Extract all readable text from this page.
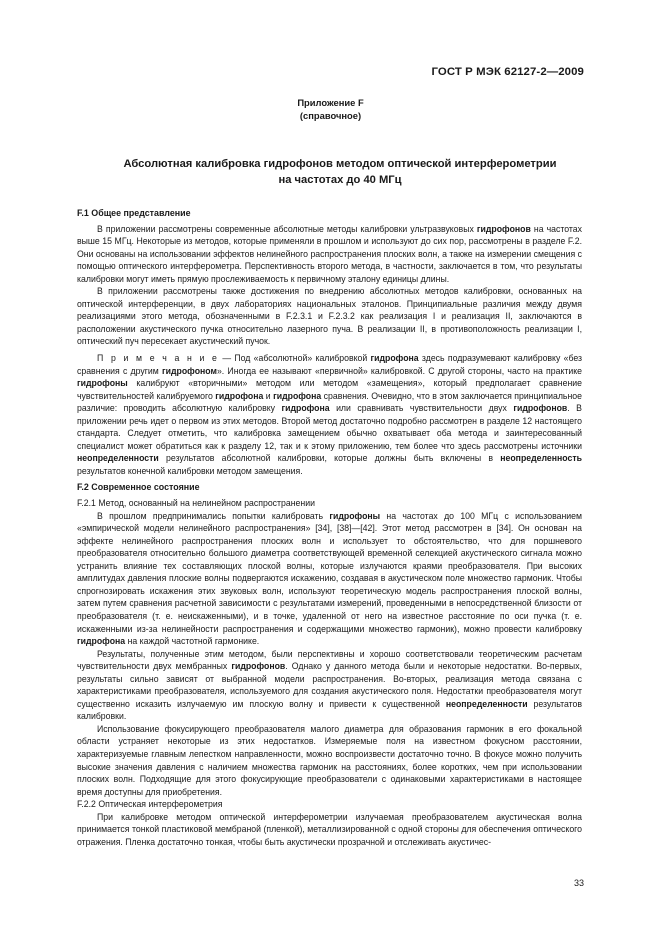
ГОСТ Р МЭК 62127-2—2009
Приложение F
(справочное)
Абсолютная калибровка гидрофонов методом оптической интерферометрии
на частотах до 40 МГц
F.1 Общее представление

В приложении рассмотрены современные абсолютные методы калибровки ультразвуковых гидрофонов на частотах выше 15 МГц. Некоторые из методов, которые применяли в прошлом и используют до сих пор, рассмотрены в разделе F.2. Они основаны на использовании эффектов нелинейного распространения плоских волн, а также на измерении смещения с помощью оптического интерферометра. Перспективность второго метода, в частности, заключается в том, что результаты калибровки могут иметь прямую прослеживаемость к первичному эталону единицы длины.

В приложении рассмотрены также достижения по внедрению абсолютных методов калибровки, основанных на оптической интерференции, в двух лабораториях национальных эталонов. Принципиальные различия между двумя реализациями этого метода, обозначенными в F.2.3.1 и F.2.3.2 как реализация I и реализация II, заключаются в расположении акустического пучка относительно лазерного пуча. В реализации II, в противоположность реализации I, оптический пуч пересекает акустический пучок.

П р и м е ч а н и е — Под «абсолютной» калибровкой гидрофона здесь подразумевают калибровку «без сравнения с другим гидрофоном». Иногда ее называют «первичной» калибровкой. С другой стороны, часто на практике гидрофоны калибруют «вторичными» методом или методом «замещения», который предполагает сравнение чувствительностей калибруемого гидрофона и гидрофона сравнения. Очевидно, что в этом заключается принципиальное различие: проводить абсолютную калибровку гидрофона или сравнивать чувствительности двух гидрофонов. В приложении речь идет о первом из этих методов. Второй метод достаточно подробно рассмотрен в разделе 12 настоящего стандарта. Следует отметить, что калибровка замещением обычно охватывает оба метода и заинтересованный специалист может обратиться как к разделу 12, так и к этому приложению, тем более что здесь рассмотрены источники неопределенности результатов абсолютной калибровки, которые должны быть включены в неопределенность результатов конечной калибровки методом замещения.

F.2 Современное состояние
F.2.1 Метод, основанный на нелинейном распространении

В прошлом предпринимались попытки калибровать гидрофоны на частотах до 100 МГц с использованием «эмпирической модели нелинейного распространения» [34], [38]—[42]. Этот метод рассмотрен в [34]. Он основан на эффекте нелинейного распространения плоских волн и использует то обстоятельство, что для поршневого преобразователя относительно большого диаметра соответствующей временной селекцией акустического сигнала можно устранить влияние тех составляющих плоской волны, которые излучаются краями преобразователя. При высоких амплитудах давления плоские волны подвергаются искажению, создавая в акустическом поле множество гармоник. Чтобы спрогнозировать искажения этих звуковых волн, используют теоретическую модель распространения плоской волны, затем путем сравнения расчетной зависимости с результатами измерений, проведенными в непосредственной близости от преобразователя (т. е. неискаженными), и в точке, удаленной от него на известное расстояние по оси пучка (т. е. искаженными из-за нелинейности распространения и содержащими множество гармоник), можно провести калибровку гидрофона на каждой частотной гармонике.

Результаты, полученные этим методом, были перспективны и хорошо соответствовали теоретическим расчетам чувствительности двух мембранных гидрофонов. Однако у данного метода были и некоторые недостатки. Во-первых, результаты сильно зависят от выбранной модели распространения. Во-вторых, реализация метода связана с характеристиками преобразователя, используемого для создания акустического поля. Недостатки преобразователя могут существенно исказить излучаемую им плоскую волну и привести к существенной неопределенности результатов калибровки.

Использование фокусирующего преобразователя малого диаметра для образования гармоник в его фокальной области устраняет некоторые из этих недостатков. Измеряемые поля на известном фокусном расстоянии, характеризуемые главным лепестком направленности, можно воспроизвести достаточно точно. В фокусе можно получить высокие значения давления с наличием множества гармоник на расстояниях, более коротких, чем при использовании плоских волн. Подходящие для этого фокусирующие преобразователи с одинаковыми характеристиками в настоящее время доступны для приобретения.

F.2.2 Оптическая интерферометрия

При калибровке методом оптической интерферометрии излучаемая преобразователем акустическая волна принимается тонкой пластиковой мембраной (пленкой), металлизированной с одной стороны для обеспечения оптического отражения. Пленка достаточно тонкая, чтобы быть акустически прозрачной и отслеживать акустичес-

33
